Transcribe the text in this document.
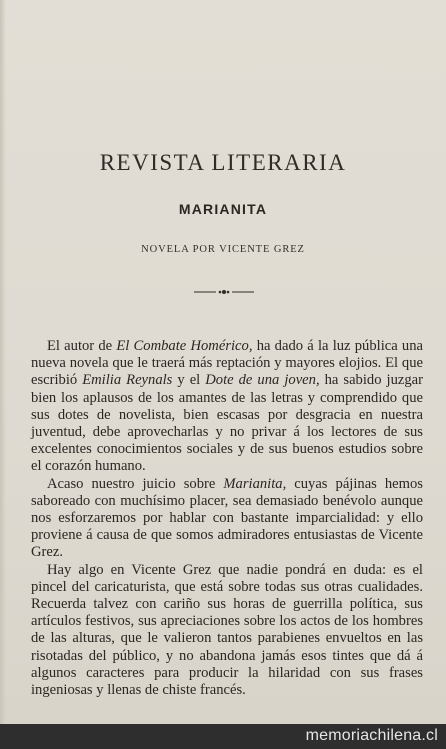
REVISTA LITERARIA
MARIANITA
NOVELA POR VICENTE GREZ

El autor de El Combate Homérico, ha dado á la luz pública una nueva novela que le traerá más reptación y mayores elojios. El que escribió Emilia Reynals y el Dote de una joven, ha sabido juzgar bien los aplausos de los amantes de las letras y comprendido que sus dotes de novelista, bien escasas por desgracia en nuestra juventud, debe aprovecharlas y no privar á los lectores de sus excelentes conocimientos sociales y de sus buenos estudios sobre el corazón humano.

Acaso nuestro juicio sobre Marianita, cuyas pájinas hemos saboreado con muchísimo placer, sea demasiado benévolo aunque nos esforzaremos por hablar con bastante imparcialidad: y ello proviene á causa de que somos admiradores entusiastas de Vicente Grez.

Hay algo en Vicente Grez que nadie pondrá en duda: es el pincel del caricaturista, que está sobre todas sus otras cualidades. Recuerda talvez con cariño sus horas de guerrilla política, sus artículos festivos, sus apreciaciones sobre los actos de los hombres de las alturas, que le valieron tantos parabienes envueltos en las risotadas del público, y no abandona jamás esos tintes que dá á algunos caracteres para producir la hilaridad con sus frases ingeniosas y llenas de chiste francés.

memoriachilena.cl
